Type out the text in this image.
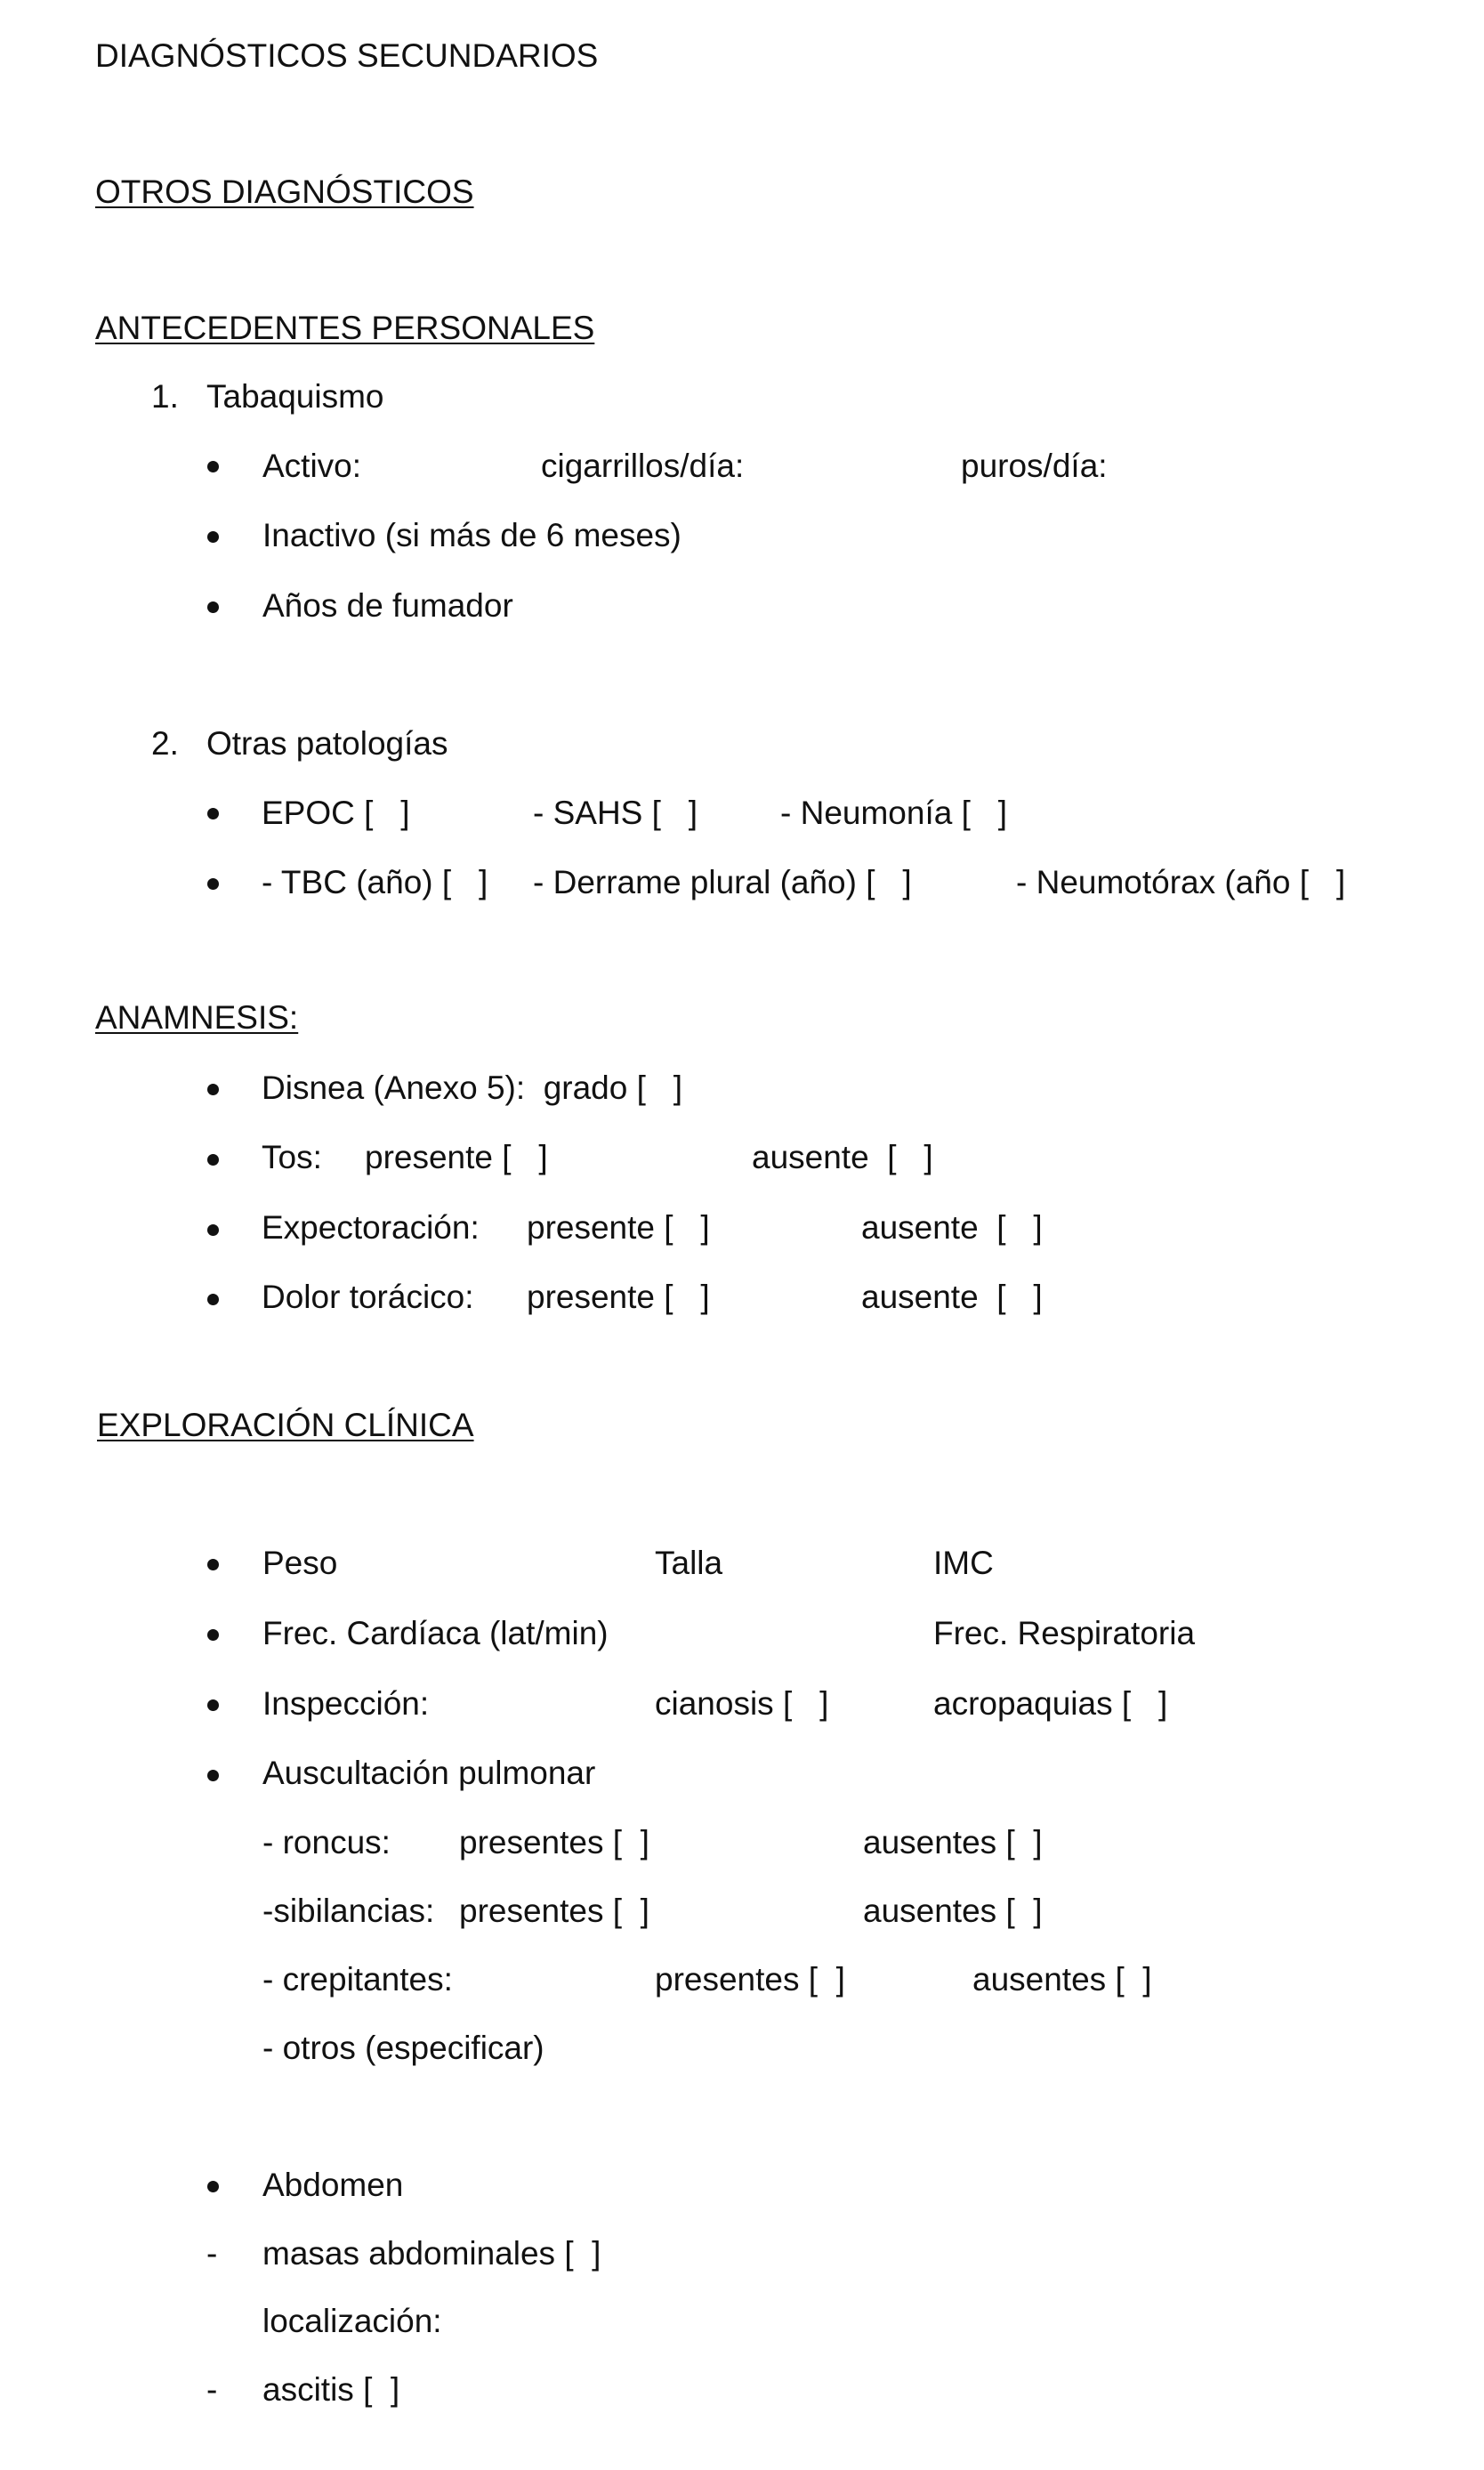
DIAGNÓSTICOS SECUNDARIOS
OTROS DIAGNÓSTICOS
ANTECEDENTES PERSONALES
1. Tabaquismo
Activo:	cigarrillos/día:	puros/día:
Inactivo (si más de 6 meses)
Años de fumador
2. Otras patologías
EPOC [   ]	- SAHS [   ]	- Neumonía [   ]
- TBC (año) [   ] - Derrame plural (año) [   ]	- Neumotórax (año [   ]
ANAMNESIS:
Disnea (Anexo 5):  grado [   ]
Tos: presente [   ]	ausente  [   ]
Expectoración: presente [   ]	ausente  [   ]
Dolor torácico: presente [   ]	ausente  [   ]
EXPLORACIÓN CLÍNICA
Peso	Talla	IMC
Frec. Cardíaca (lat/min)	Frec. Respiratoria
Inspección:	cianosis [   ]	acropaquias [   ]
Auscultación pulmonar
- roncus: presentes [  ]	ausentes [  ]
-sibilancias: presentes [  ]	ausentes [  ]
- crepitantes:	presentes [  ]	ausentes [  ]
- otros (especificar)
Abdomen
- masas abdominales [  ]
localización:
- ascitis [  ]
